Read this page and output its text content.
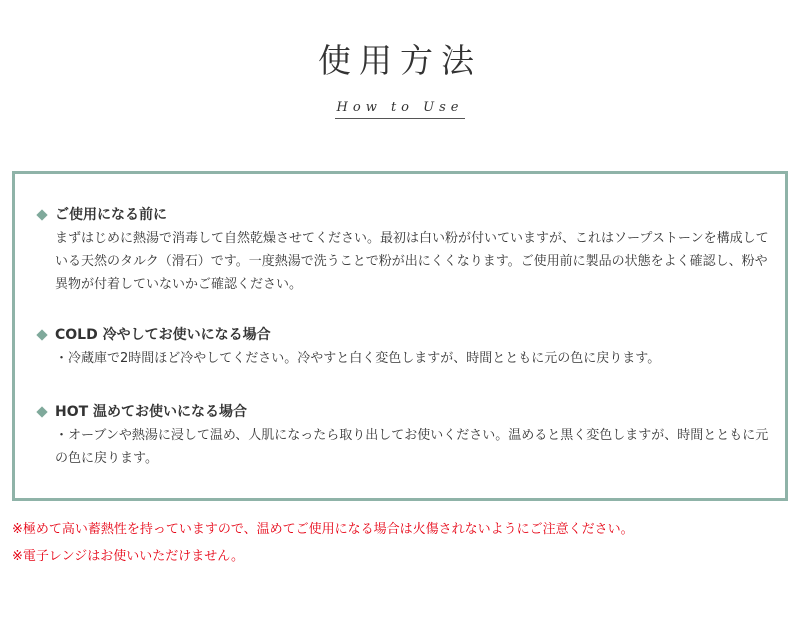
使用方法
How to Use
ご使用になる前に
まずはじめに熱湯で消毒して自然乾燥させてください。最初は白い粉が付いていますが、これはソープストーンを構成している天然のタルク（滑石）です。一度熱湯で洗うことで粉が出にくくなります。ご使用前に製品の状態をよく確認し、粉や異物が付着していないかご確認ください。
COLD 冷やしてお使いになる場合
・冷蔵庫で2時間ほど冷やしてください。冷やすと白く変色しますが、時間とともに元の色に戻ります。
HOT 温めてお使いになる場合
・オーブンや熱湯に浸して温め、人肌になったら取り出してお使いください。温めると黒く変色しますが、時間とともに元の色に戻ります。
※極めて高い蓄熱性を持っていますので、温めてご使用になる場合は火傷されないようにご注意ください。
※電子レンジはお使いいただけません。
